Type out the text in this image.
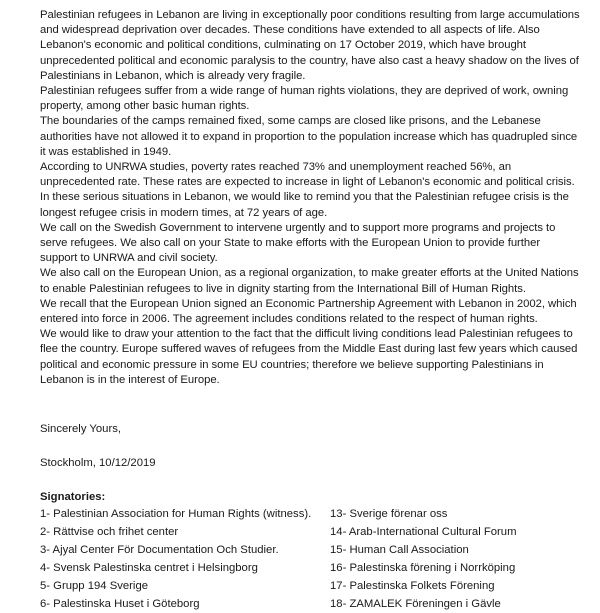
Palestinian refugees in Lebanon are living in exceptionally poor conditions resulting from large accumulations and widespread deprivation over decades. These conditions have extended to all aspects of life. Also Lebanon's economic and political conditions, culminating on 17 October 2019, which have brought unprecedented political and economic paralysis to the country, have also cast a heavy shadow on the lives of Palestinians in Lebanon, which is already very fragile.

Palestinian refugees suffer from a wide range of human rights violations, they are deprived of work, owning property, among other basic human rights.

The boundaries of the camps remained fixed, some camps are closed like prisons, and the Lebanese authorities have not allowed it to expand in proportion to the population increase which has quadrupled since it was established in 1949.

According to UNRWA studies, poverty rates reached 73% and unemployment reached 56%, an unprecedented rate. These rates are expected to increase in light of Lebanon's economic and political crisis.

In these serious situations in Lebanon, we would like to remind you that the Palestinian refugee crisis is the longest refugee crisis in modern times, at 72 years of age.

We call on the Swedish Government to intervene urgently and to support more programs and projects to serve refugees. We also call on your State to make efforts with the European Union to provide further support to UNRWA and civil society.

We also call on the European Union, as a regional organization, to make greater efforts at the United Nations to enable Palestinian refugees to live in dignity starting from the International Bill of Human Rights.

We recall that the European Union signed an Economic Partnership Agreement with Lebanon in 2002, which entered into force in 2006. The agreement includes conditions related to the respect of human rights.

We would like to draw your attention to the fact that the difficult living conditions lead Palestinian refugees to flee the country. Europe suffered waves of refugees from the Middle East during last few years which caused political and economic pressure in some EU countries; therefore we believe supporting Palestinians in Lebanon is in the interest of Europe.

Sincerely Yours,
Stockholm, 10/12/2019
Signatories:
1- Palestinian Association for Human Rights (witness).
2- Rättvise och frihet center
3- Ajyal Center För Documentation Och Studier.
4- Svensk Palestinska centret i Helsingborg
5- Grupp 194 Sverige
6- Palestinska Huset i Göteborg
13- Sverige förenar oss
14- Arab-International Cultural Forum
15- Human Call Association
16- Palestinska förening i Norrköping
17- Palestinska Folkets Förening
18- ZAMALEK Föreningen i Gävle
